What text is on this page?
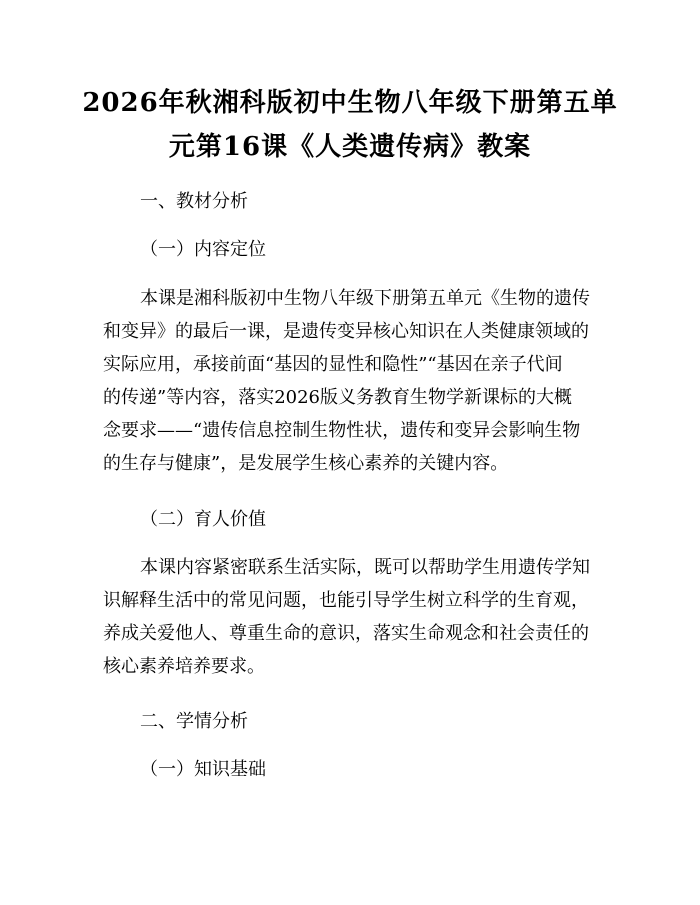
2026年秋湘科版初中生物八年级下册第五单
元第16课《人类遗传病》教案
一、教材分析
（一）内容定位
本课是湘科版初中生物八年级下册第五单元《生物的遗传
和变异》的最后一课，是遗传变异核心知识在人类健康领域的
实际应用，承接前面“基因的显性和隐性”“基因在亲子代间
的传递”等内容，落实2026版义务教育生物学新课标的大概
念要求——“遗传信息控制生物性状，遗传和变异会影响生物
的生存与健康”，是发展学生核心素养的关键内容。
（二）育人价值
本课内容紧密联系生活实际，既可以帮助学生用遗传学知
识解释生活中的常见问题，也能引导学生树立科学的生育观，
养成关爱他人、尊重生命的意识，落实生命观念和社会责任的
核心素养培养要求。
二、学情分析
（一）知识基础
